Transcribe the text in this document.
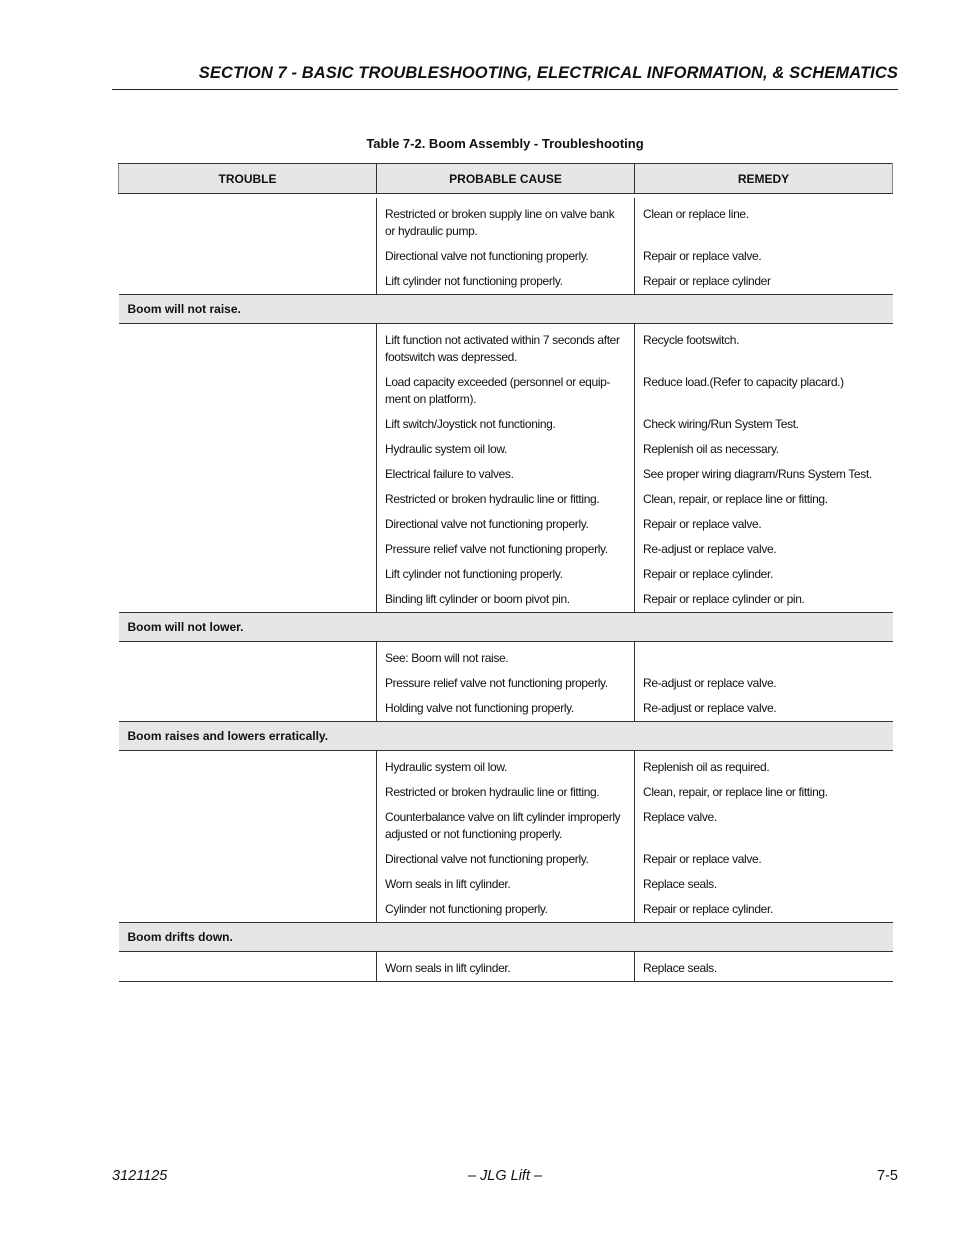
SECTION 7 - BASIC TROUBLESHOOTING, ELECTRICAL INFORMATION, & SCHEMATICS
Table 7-2. Boom Assembly - Troubleshooting
TROUBLE	PROBABLE CAUSE	REMEDY

	Restricted or broken supply line on valve bank or hydraulic pump.	Clean or replace line.

	Directional valve not functioning properly.	Repair or replace valve.

	Lift cylinder not functioning properly.	Repair or replace cylinder

Boom will not raise.		

	Lift function not activated within 7 seconds after footswitch was depressed.	Recycle footswitch.

	Load capacity exceeded (personnel or equip-ment on platform).	Reduce load.(Refer to capacity placard.)

	Lift switch/Joystick not functioning.	Check wiring/Run System Test.

	Hydraulic system oil low.	Replenish oil as necessary.

	Electrical failure to valves.	See proper wiring diagram/Runs System Test.

	Restricted or broken hydraulic line or fitting.	Clean, repair, or replace line or fitting.

	Directional valve not functioning properly.	Repair or replace valve.

	Pressure relief valve not functioning properly.	Re-adjust or replace valve.

	Lift cylinder not functioning properly.	Repair or replace cylinder.

	Binding lift cylinder or boom pivot pin.	Repair or replace cylinder or pin.

Boom will not lower.		

	See: Boom will not raise.	

	Pressure relief valve not functioning properly.	Re-adjust or replace valve.

	Holding valve not functioning properly.	Re-adjust or replace valve.

Boom raises and lowers erratically.		

	Hydraulic system oil low.	Replenish oil as required.

	Restricted or broken hydraulic line or fitting.	Clean, repair, or replace line or fitting.

	Counterbalance valve on lift cylinder improperly adjusted or not functioning properly.	Replace valve.

	Directional valve not functioning properly.	Repair or replace valve.

	Worn seals in lift cylinder.	Replace seals.

	Cylinder not functioning properly.	Repair or replace cylinder.

Boom drifts down.		

	Worn seals in lift cylinder.	Replace seals.
3121125	– JLG Lift –	7-5
